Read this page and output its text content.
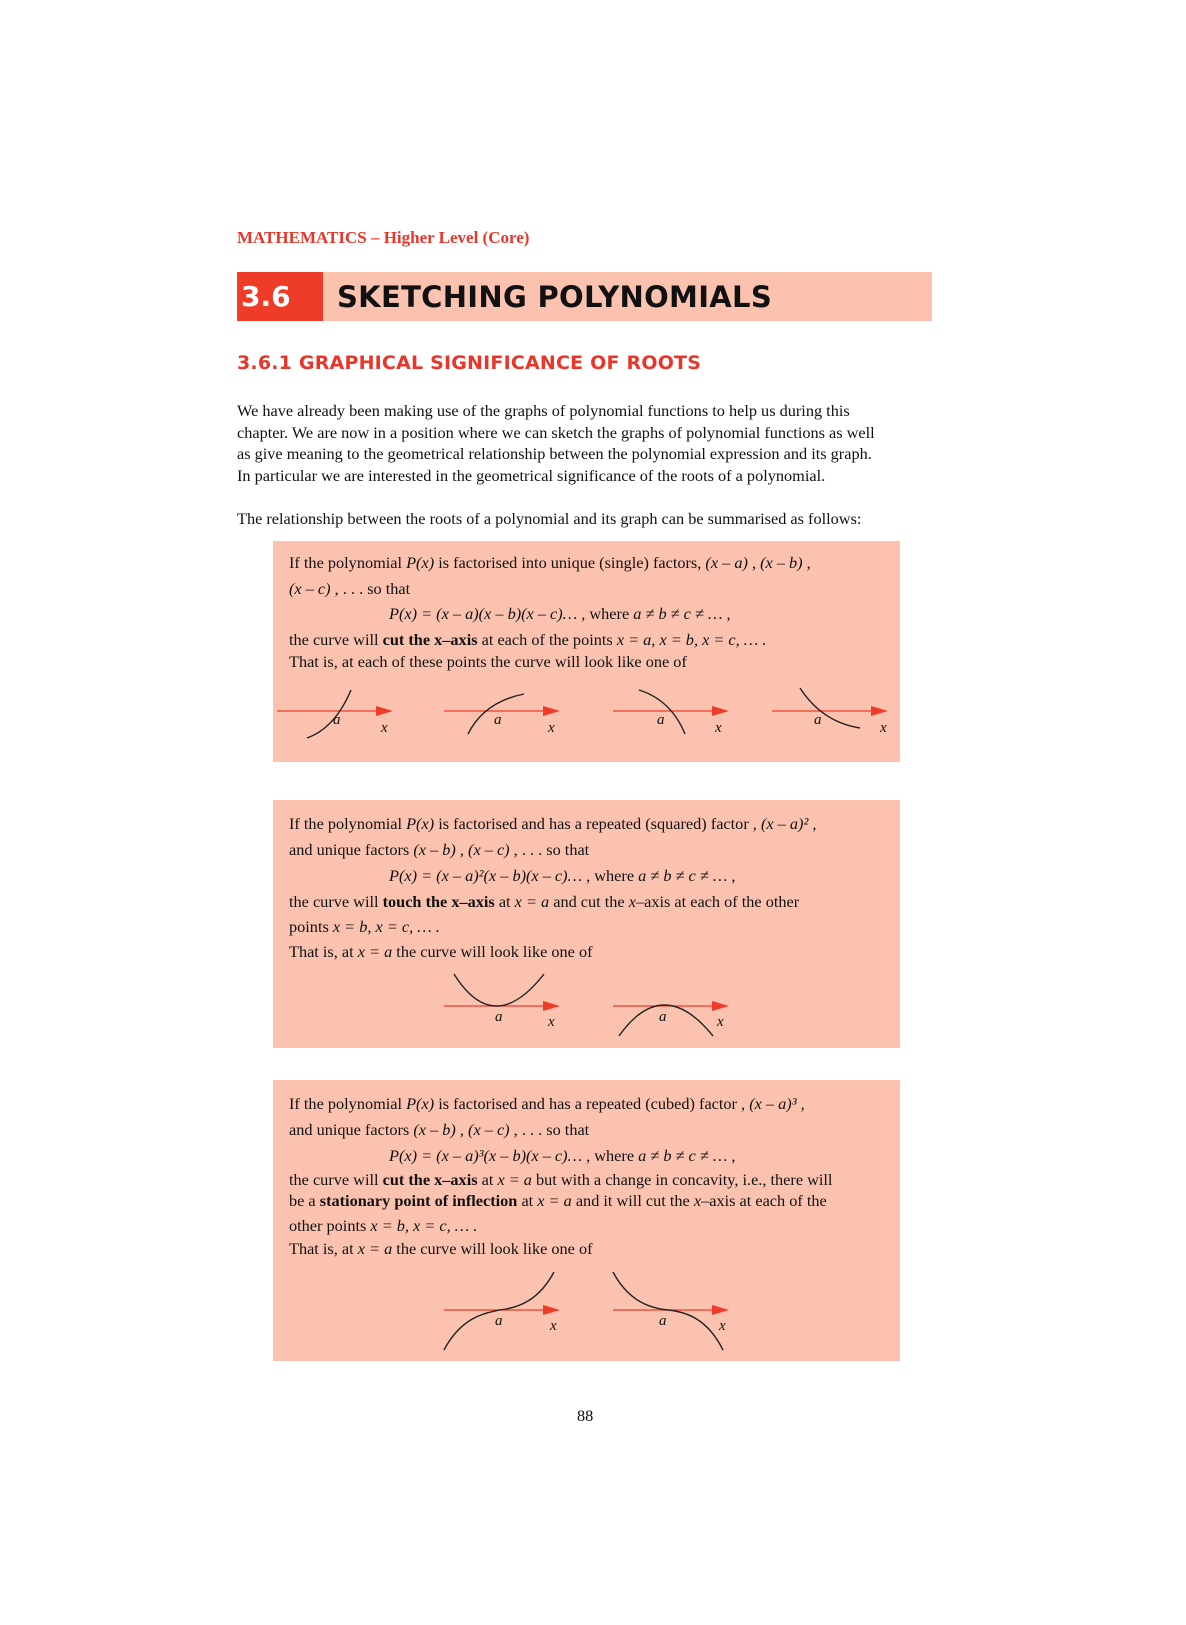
MATHEMATICS – Higher Level (Core)
3.6	SKETCHING POLYNOMIALS
3.6.1 GRAPHICAL SIGNIFICANCE OF ROOTS
We have already been making use of the graphs of polynomial functions to help us during this
chapter. We are now in a position where we can sketch the graphs of polynomial functions as well
as give meaning to the geometrical relationship between the polynomial expression and its graph.
In particular we are interested in the geometrical significance of the roots of a polynomial.
The relationship between the roots of a polynomial and its graph can be summarised as follows:
If the polynomial P(x) is factorised into unique (single) factors, (x – a) , (x – b) ,
(x – c) , . . . so that
P(x) = (x – a)(x – b)(x – c)… , where a ≠ b ≠ c ≠ … ,
the curve will cut the x–axis at each of the points x = a, x = b, x = c, … .
That is, at each of these points the curve will look like one of
a	x	a	x	a	x	a	x
If the polynomial P(x) is factorised and has a repeated (squared) factor , (x – a)² ,
and unique factors (x – b) , (x – c) , . . . so that
P(x) = (x – a)²(x – b)(x – c)… , where a ≠ b ≠ c ≠ … ,
the curve will touch the x–axis at x = a and cut the x–axis at each of the other
points x = b, x = c, … .
That is, at x = a the curve will look like one of
a	x	a	x
If the polynomial P(x) is factorised and has a repeated (cubed) factor , (x – a)³ ,
and unique factors (x – b) , (x – c) , . . . so that
P(x) = (x – a)³(x – b)(x – c)… , where a ≠ b ≠ c ≠ … ,
the curve will cut the x–axis at x = a but with a change in concavity, i.e., there will
be a stationary point of inflection at x = a and it will cut the x–axis at each of the
other points x = b, x = c, … .
That is, at x = a the curve will look like one of
a	x	a	x
88
